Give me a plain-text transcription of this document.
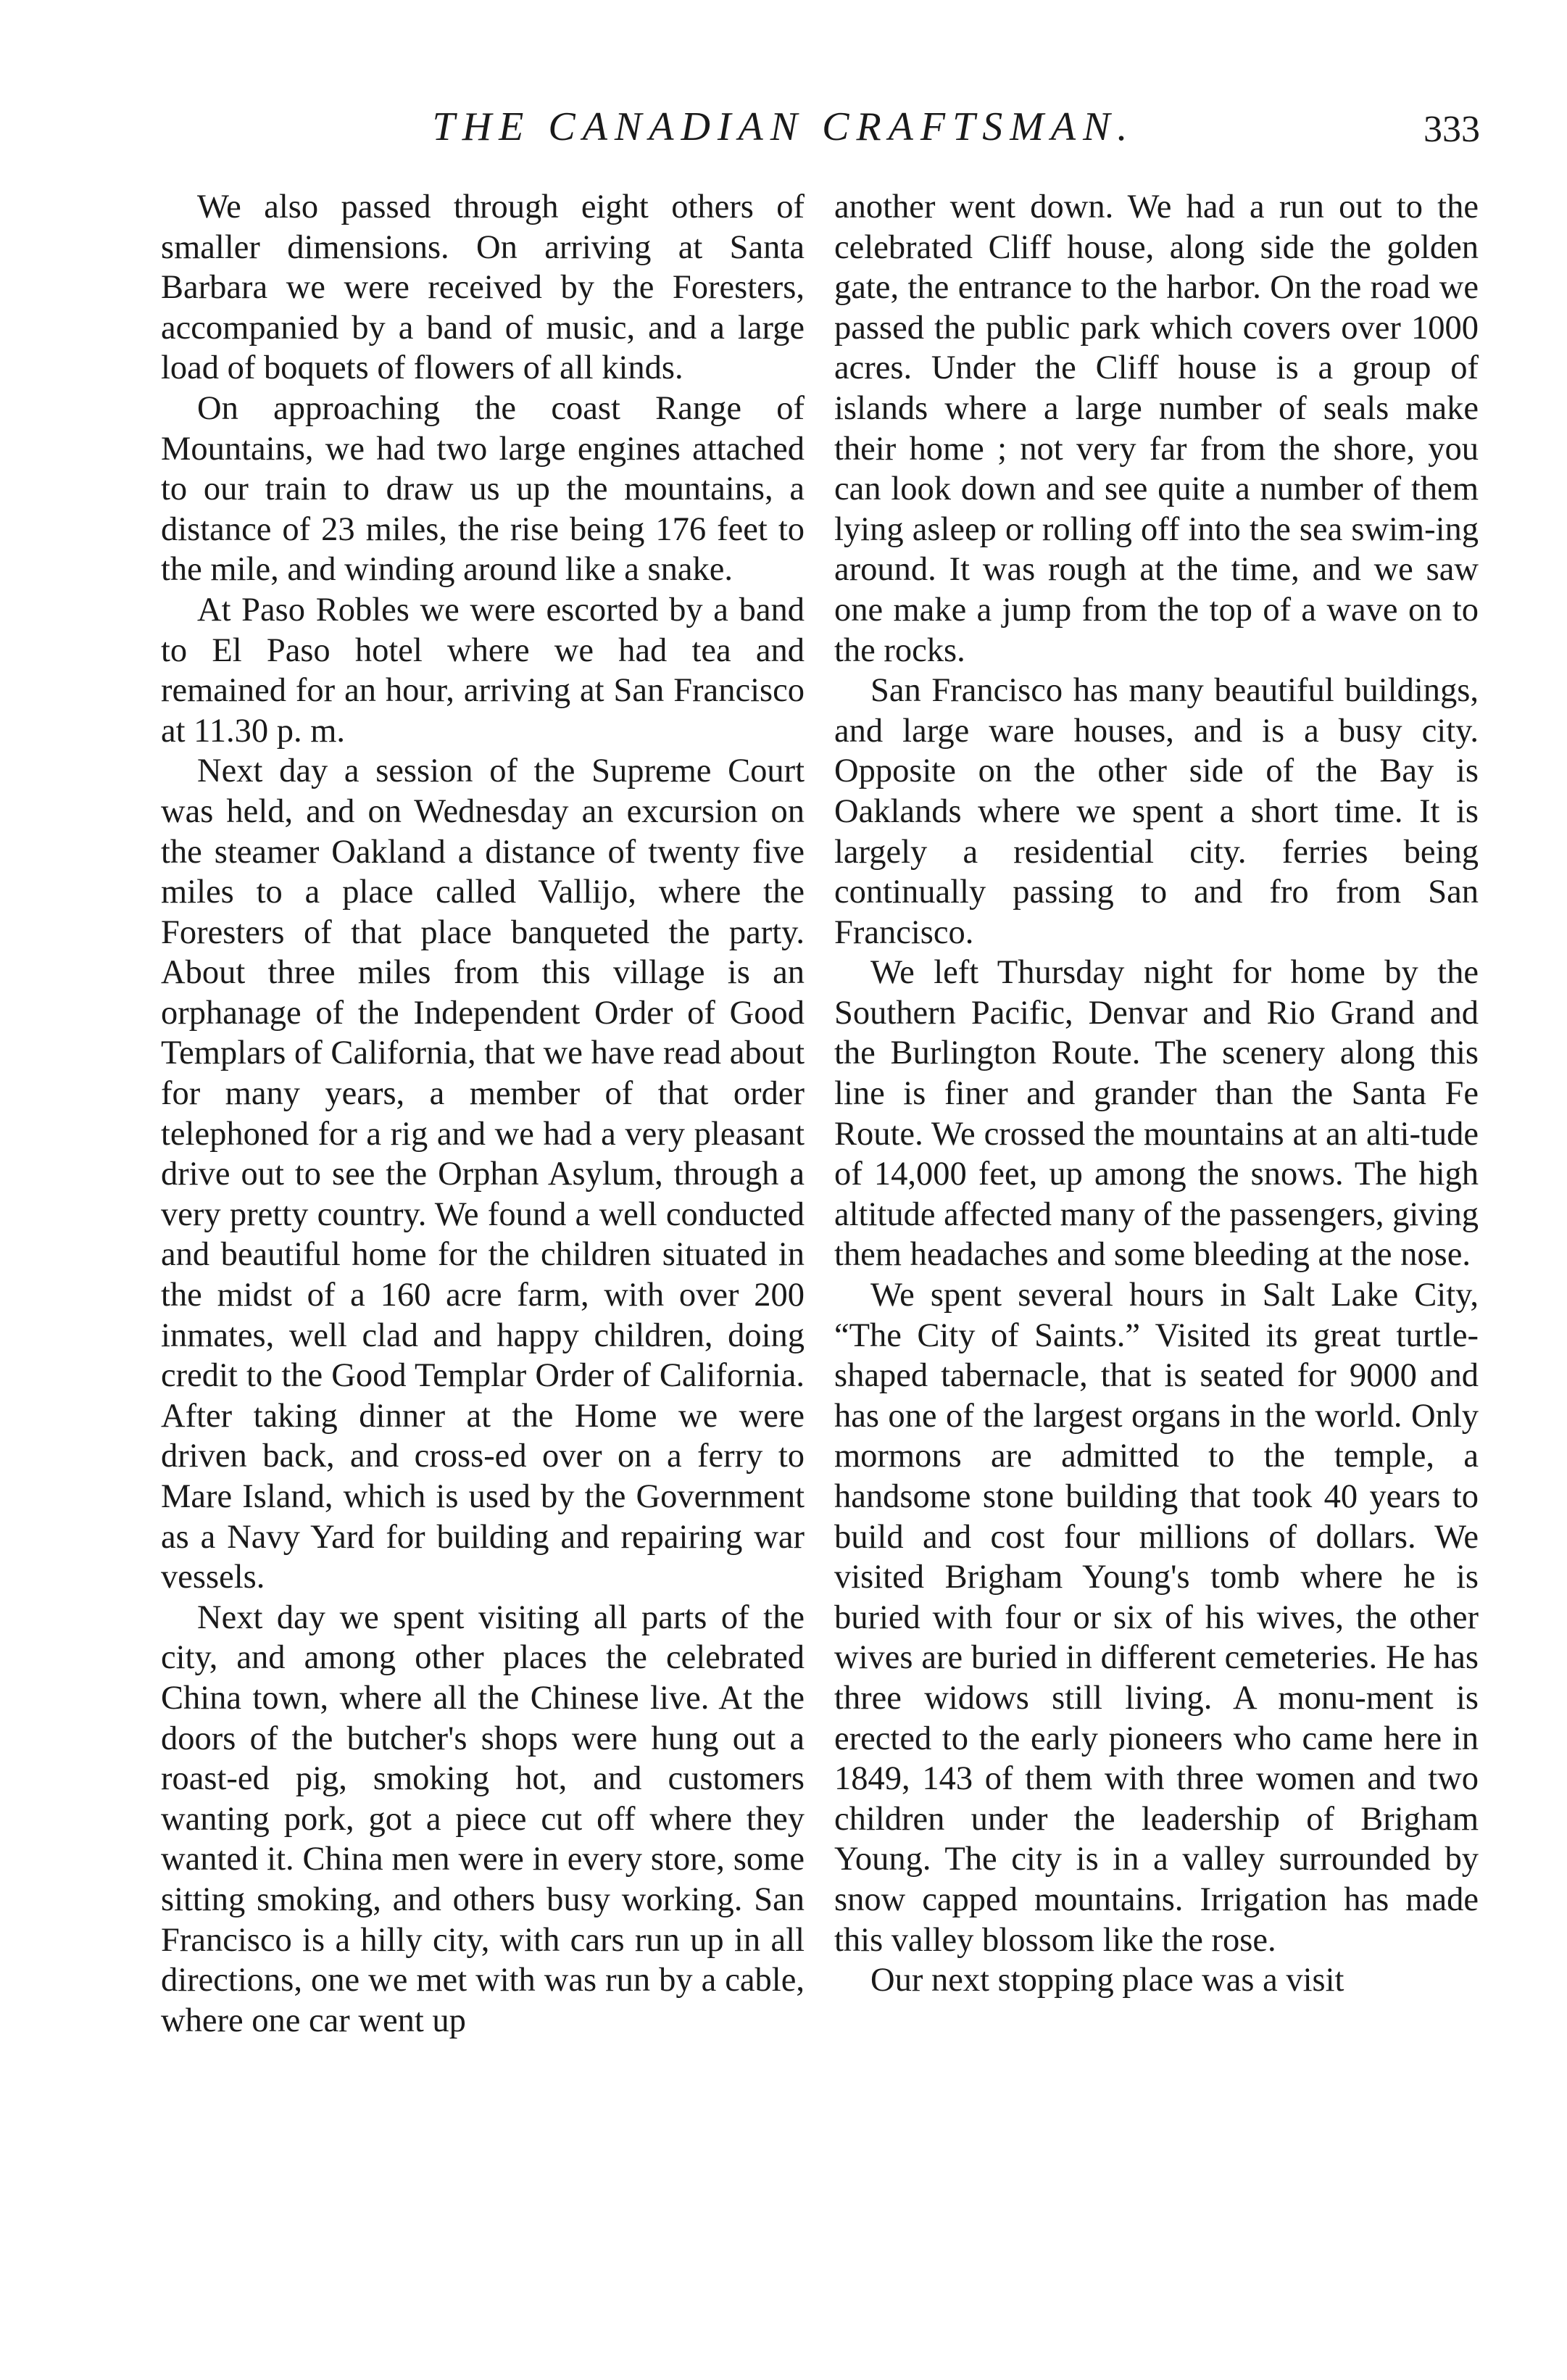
THE CANADIAN CRAFTSMAN.	333

We also passed through eight others of smaller dimensions. On arriving at Santa Barbara we were received by the Foresters, accompanied by a band of music, and a large load of boquets of flowers of all kinds.

On approaching the coast Range of Mountains, we had two large engines attached to our train to draw us up the mountains, a distance of 23 miles, the rise being 176 feet to the mile, and winding around like a snake.

At Paso Robles we were escorted by a band to El Paso hotel where we had tea and remained for an hour, arriving at San Francisco at 11.30 p. m.

Next day a session of the Supreme Court was held, and on Wednesday an excursion on the steamer Oakland a distance of twenty five miles to a place called Vallijo, where the Foresters of that place banqueted the party. About three miles from this village is an orphanage of the Independent Order of Good Templars of California, that we have read about for many years, a member of that order telephoned for a rig and we had a very pleasant drive out to see the Orphan Asylum, through a very pretty country. We found a well conducted and beautiful home for the children situated in the midst of a 160 acre farm, with over 200 inmates, well clad and happy children, doing credit to the Good Templar Order of California. After taking dinner at the Home we were driven back, and cross-ed over on a ferry to Mare Island, which is used by the Government as a Navy Yard for building and repairing war vessels.

Next day we spent visiting all parts of the city, and among other places the celebrated China town, where all the Chinese live. At the doors of the butcher's shops were hung out a roast-ed pig, smoking hot, and customers wanting pork, got a piece cut off where they wanted it. China men were in every store, some sitting smoking, and others busy working. San Francisco is a hilly city, with cars run up in all directions, one we met with was run by a cable, where one car went up

another went down. We had a run out to the celebrated Cliff house, along side the golden gate, the entrance to the harbor. On the road we passed the public park which covers over 1000 acres. Under the Cliff house is a group of islands where a large number of seals make their home ; not very far from the shore, you can look down and see quite a number of them lying asleep or rolling off into the sea swim-ing around. It was rough at the time, and we saw one make a jump from the top of a wave on to the rocks.

San Francisco has many beautiful buildings, and large ware houses, and is a busy city. Opposite on the other side of the Bay is Oaklands where we spent a short time. It is largely a residential city. ferries being continually passing to and fro from San Francisco.

We left Thursday night for home by the Southern Pacific, Denvar and Rio Grand and the Burlington Route. The scenery along this line is finer and grander than the Santa Fe Route. We crossed the mountains at an alti-tude of 14,000 feet, up among the snows. The high altitude affected many of the passengers, giving them headaches and some bleeding at the nose.

We spent several hours in Salt Lake City, “The City of Saints.” Visited its great turtle-shaped tabernacle, that is seated for 9000 and has one of the largest organs in the world. Only mormons are admitted to the temple, a handsome stone building that took 40 years to build and cost four millions of dollars. We visited Brigham Young's tomb where he is buried with four or six of his wives, the other wives are buried in different cemeteries. He has three widows still living. A monu-ment is erected to the early pioneers who came here in 1849, 143 of them with three women and two children under the leadership of Brigham Young. The city is in a valley surrounded by snow capped mountains. Irrigation has made this valley blossom like the rose.

Our next stopping place was a visit
